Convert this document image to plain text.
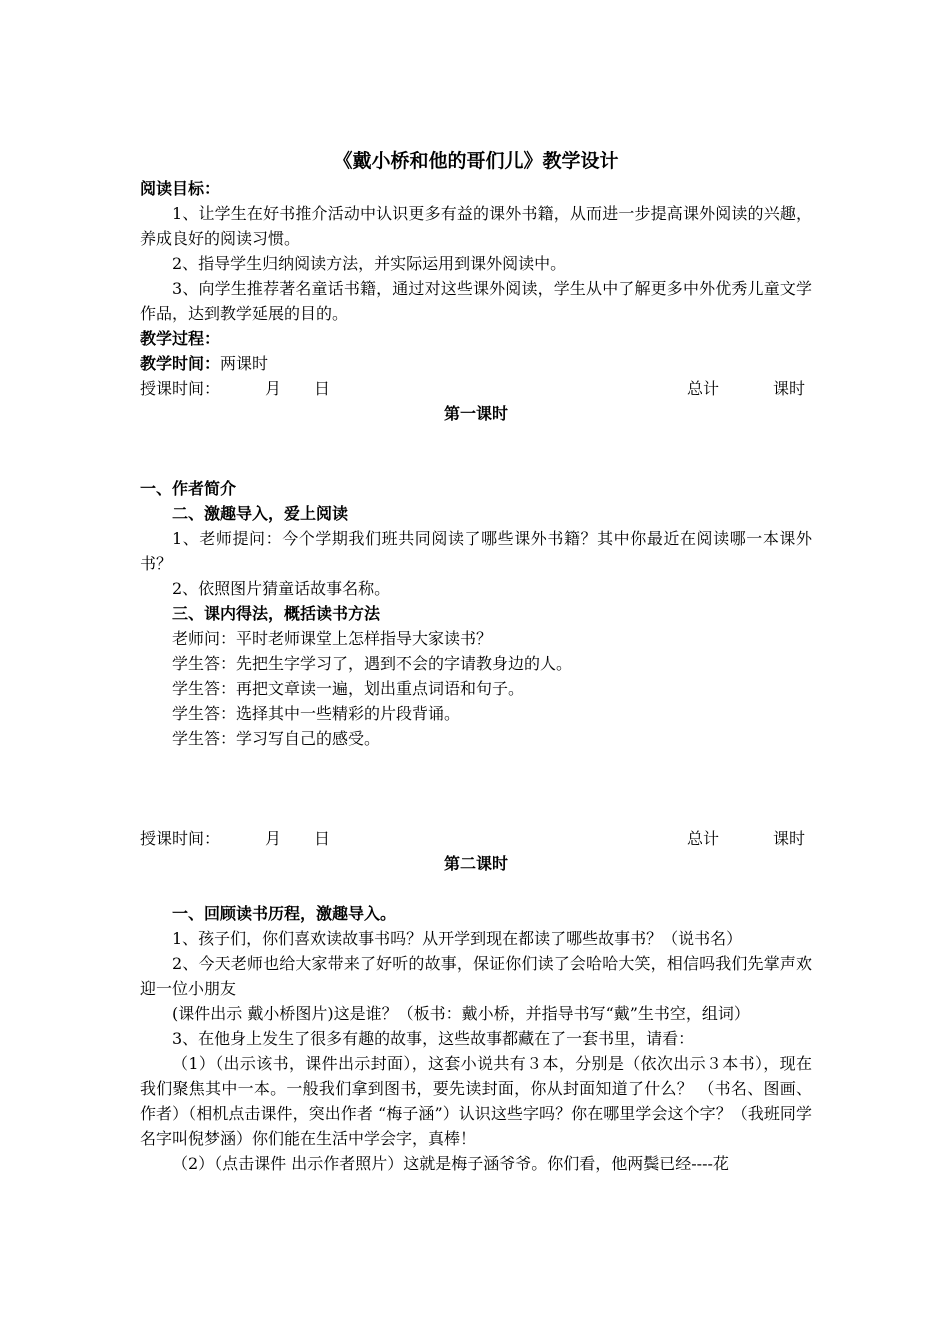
《戴小桥和他的哥们儿》教学设计

阅读目标：

1、让学生在好书推介活动中认识更多有益的课外书籍，从而进一步提高课外阅读的兴趣，养成良好的阅读习惯。

2、指导学生归纳阅读方法，并实际运用到课外阅读中。

3、向学生推荐著名童话书籍，通过对这些课外阅读，学生从中了解更多中外优秀儿童文学作品，达到教学延展的目的。

教学过程：

教学时间：两课时

授课时间：	月 日	总计	课时

第一课时

一、作者简介

二、激趣导入，爱上阅读

1、老师提问：今个学期我们班共同阅读了哪些课外书籍？其中你最近在阅读哪一本课外书？

2、依照图片猜童话故事名称。

三、课内得法，概括读书方法

老师问：平时老师课堂上怎样指导大家读书？

学生答：先把生字学习了，遇到不会的字请教身边的人。

学生答：再把文章读一遍，划出重点词语和句子。

学生答：选择其中一些精彩的片段背诵。

学生答：学习写自己的感受。

授课时间：	月 日	总计	课时

第二课时

一、回顾读书历程，激趣导入。

1、孩子们，你们喜欢读故事书吗？从开学到现在都读了哪些故事书？（说书名）

2、今天老师也给大家带来了好听的故事，保证你们读了会哈哈大笑，相信吗我们先掌声欢迎一位小朋友

(课件出示 戴小桥图片)这是谁？（板书：戴小桥，并指导书写“戴”生书空，组词）

3、在他身上发生了很多有趣的故事，这些故事都藏在了一套书里，请看：

（1）（出示该书，课件出示封面），这套小说共有３本，分别是（依次出示３本书），现在我们聚焦其中一本。一般我们拿到图书，要先读封面，你从封面知道了什么？ （书名、图画、作者）（相机点击课件，突出作者 “梅子涵”）认识这些字吗？你在哪里学会这个字？（我班同学名字叫倪梦涵）你们能在生活中学会字，真棒！

（2）（点击课件 出示作者照片）这就是梅子涵爷爷。你们看，他两鬓已经----花
